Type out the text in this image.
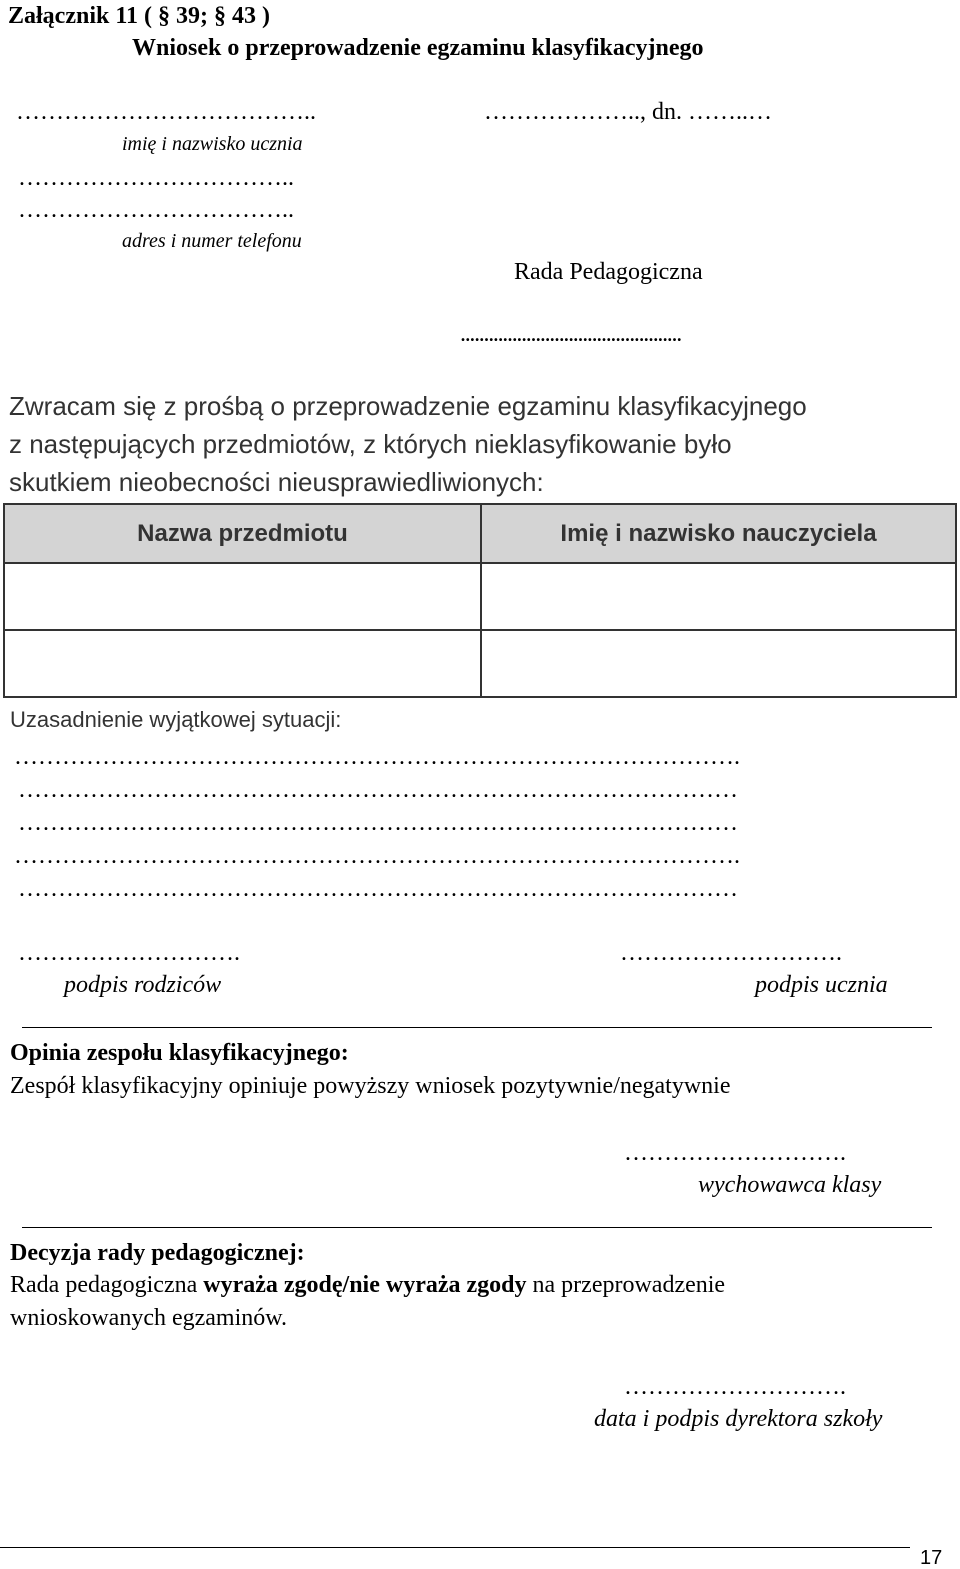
Załącznik 11 ( § 39; § 43 )
Wniosek o przeprowadzenie egzaminu klasyfikacyjnego
………………………………..	……………….., dn. ……..…
imię i nazwisko ucznia
……………………………..
……………………………..
adres i numer telefonu
Rada Pedagogiczna
...............................................
Zwracam się z prośbą o przeprowadzenie egzaminu klasyfikacyjnego
z następujących przedmiotów, z których nieklasyfikowanie było
skutkiem nieobecności nieusprawiedliwionych:
Nazwa przedmiotu	Imię i nazwisko nauczyciela

Uzasadnienie wyjątkowej sytuacji:
……………………………………………………………………………….
………………………………………………………………………………
………………………………………………………………………………
……………………………………………………………………………….
………………………………………………………………………………
……………………….	……………………….
podpis rodziców	podpis ucznia
Opinia zespołu klasyfikacyjnego:
Zespół klasyfikacyjny opiniuje powyższy wniosek pozytywnie/negatywnie
……………………….
wychowawca klasy
Decyzja rady pedagogicznej:
Rada pedagogiczna wyraża zgodę/nie wyraża zgody na przeprowadzenie
wnioskowanych egzaminów.
……………………….
data i podpis dyrektora szkoły
17
